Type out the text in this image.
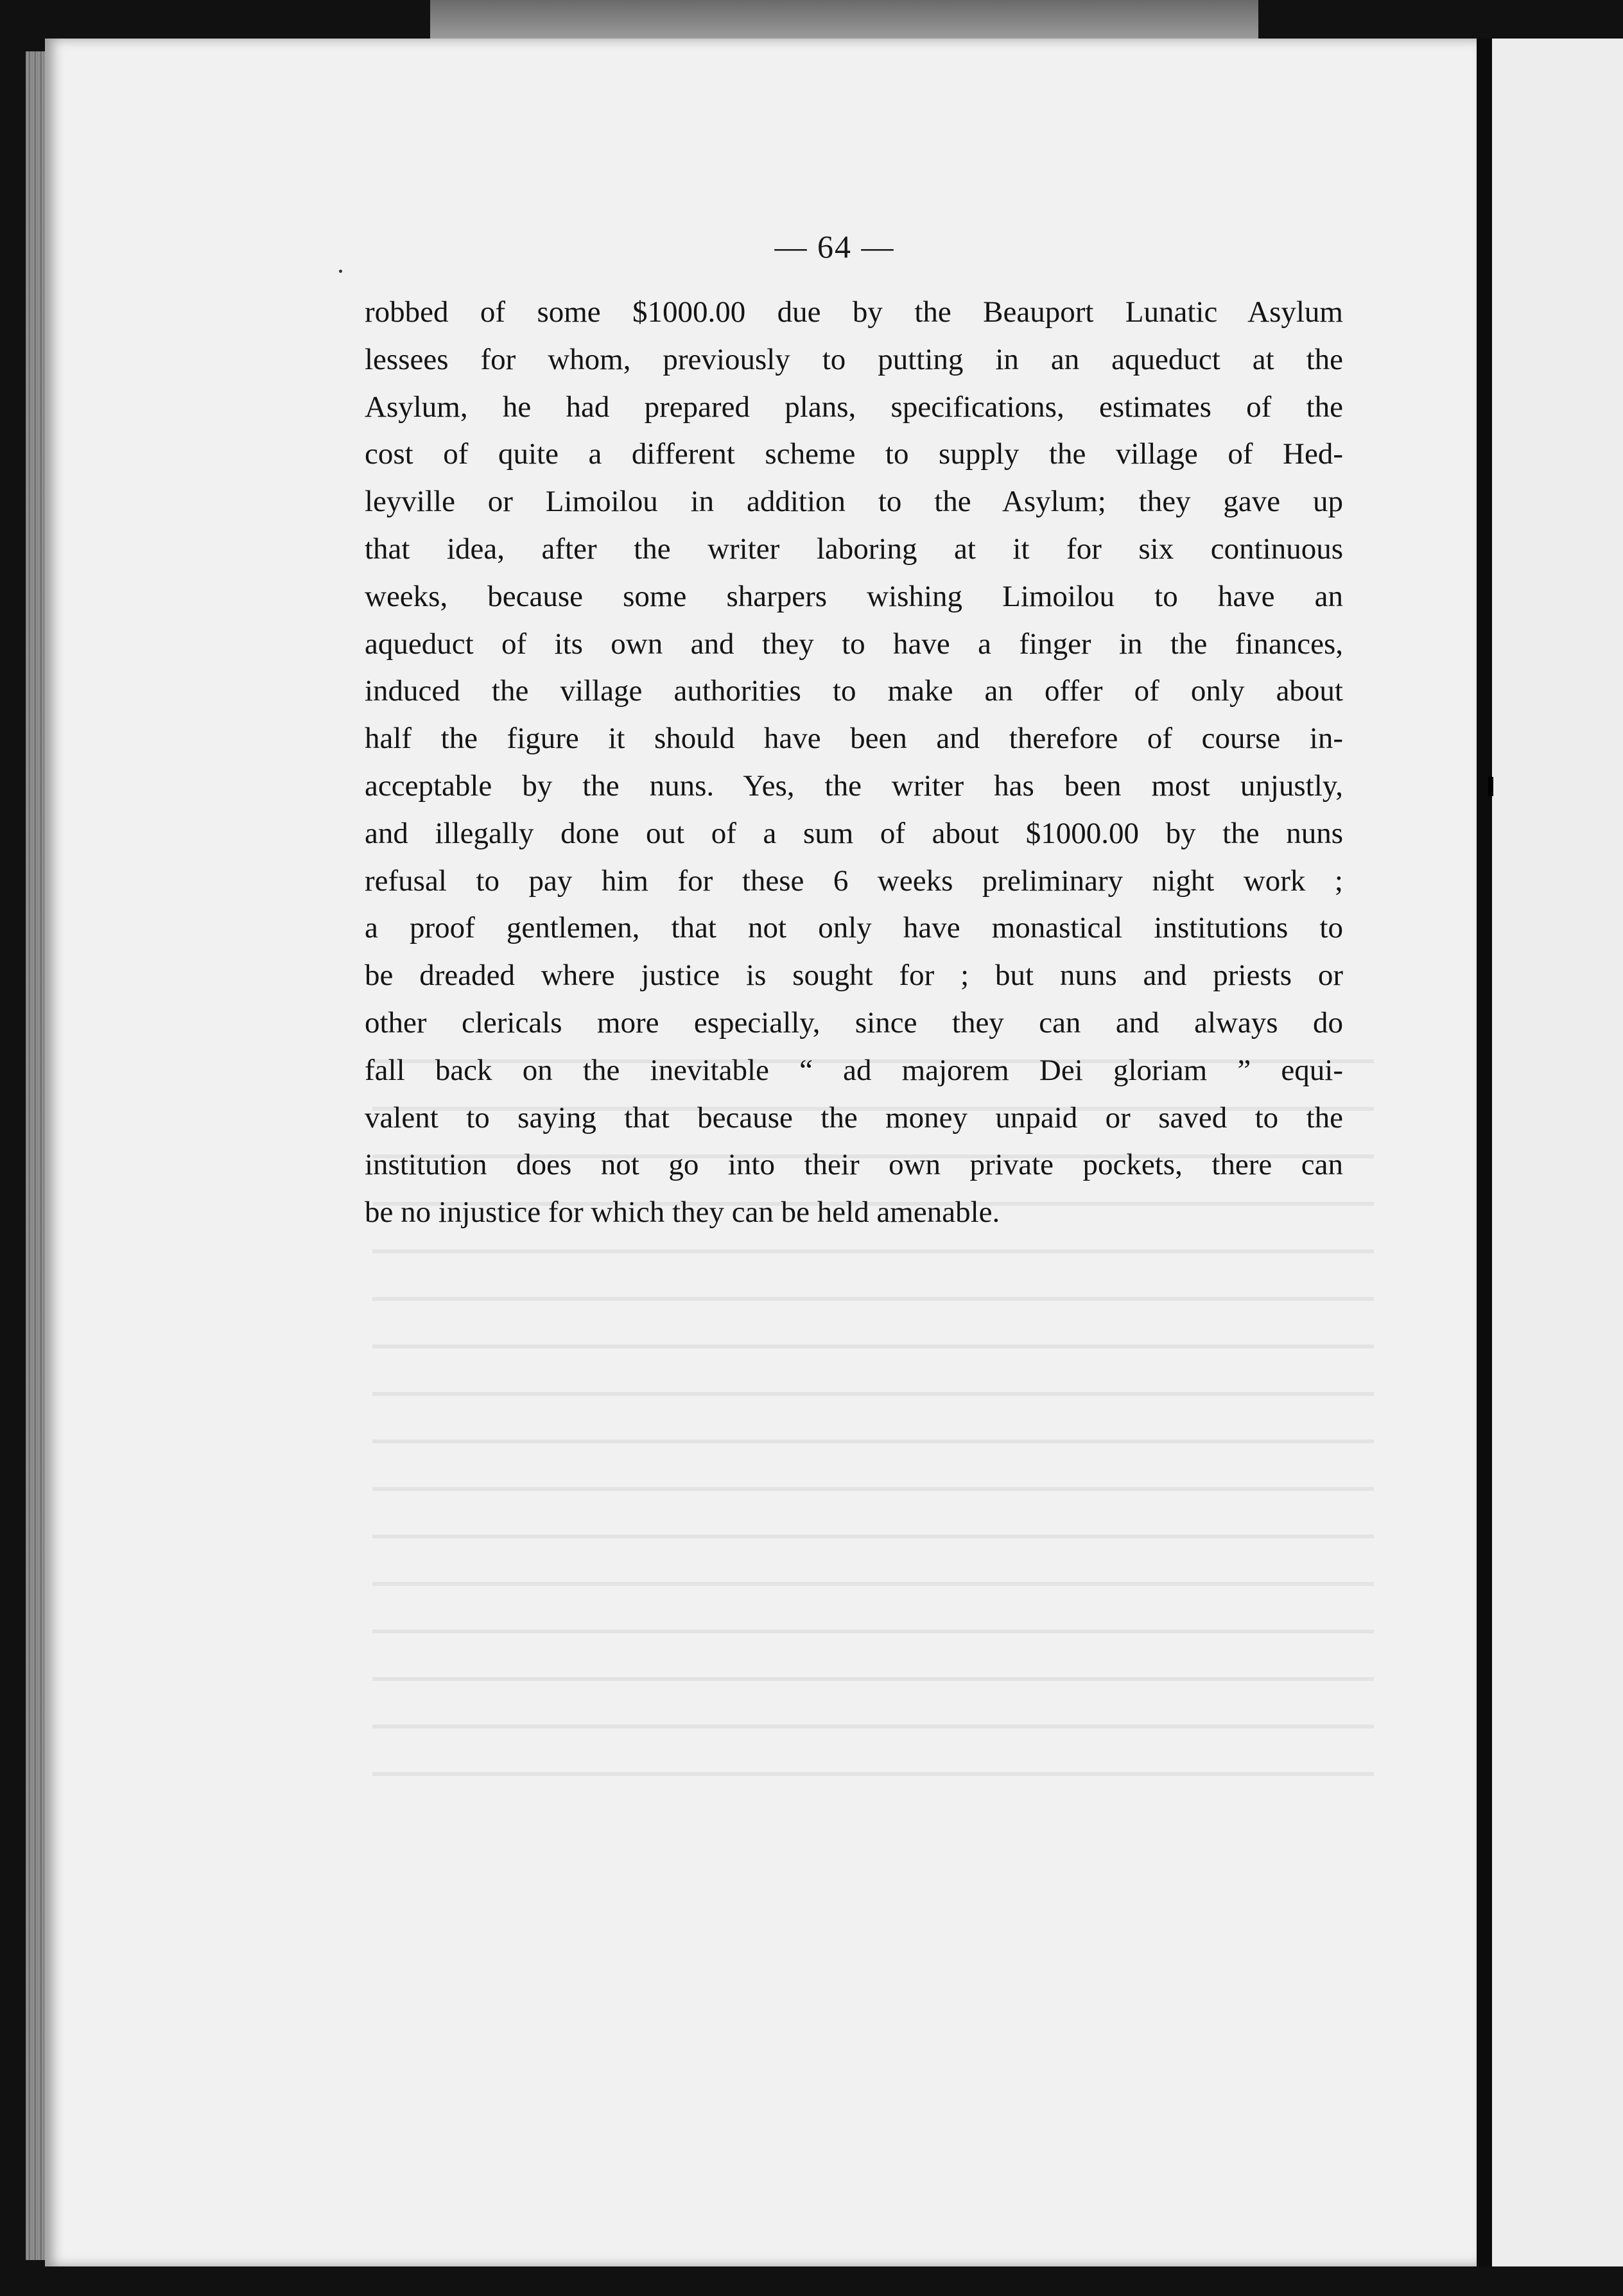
— 64 —
robbed of some $1000.00 due by the Beauport Lunatic Asylum
lessees for whom, previously to putting in an aqueduct at the
Asylum, he had prepared plans, specifications, estimates of the
cost of quite a different scheme to supply the village of Hed-
leyville or Limoilou in addition to the Asylum; they gave up
that idea, after the writer laboring at it for six continuous
weeks, because some sharpers wishing Limoilou to have an
aqueduct of its own and they to have a finger in the finances,
induced the village authorities to make an offer of only about
half the figure it should have been and therefore of course in-
acceptable by the nuns. Yes, the writer has been most unjustly,
and illegally done out of a sum of about $1000.00 by the nuns
refusal to pay him for these 6 weeks preliminary night work ;
a proof gentlemen, that not only have monastical institutions to
be dreaded where justice is sought for ; but nuns and priests or
other clericals more especially, since they can and always do
fall back on the inevitable “ ad majorem Dei gloriam ” equi-
valent to saying that because the money unpaid or saved to the
institution does not go into their own private pockets, there can
be no injustice for which they can be held amenable.
